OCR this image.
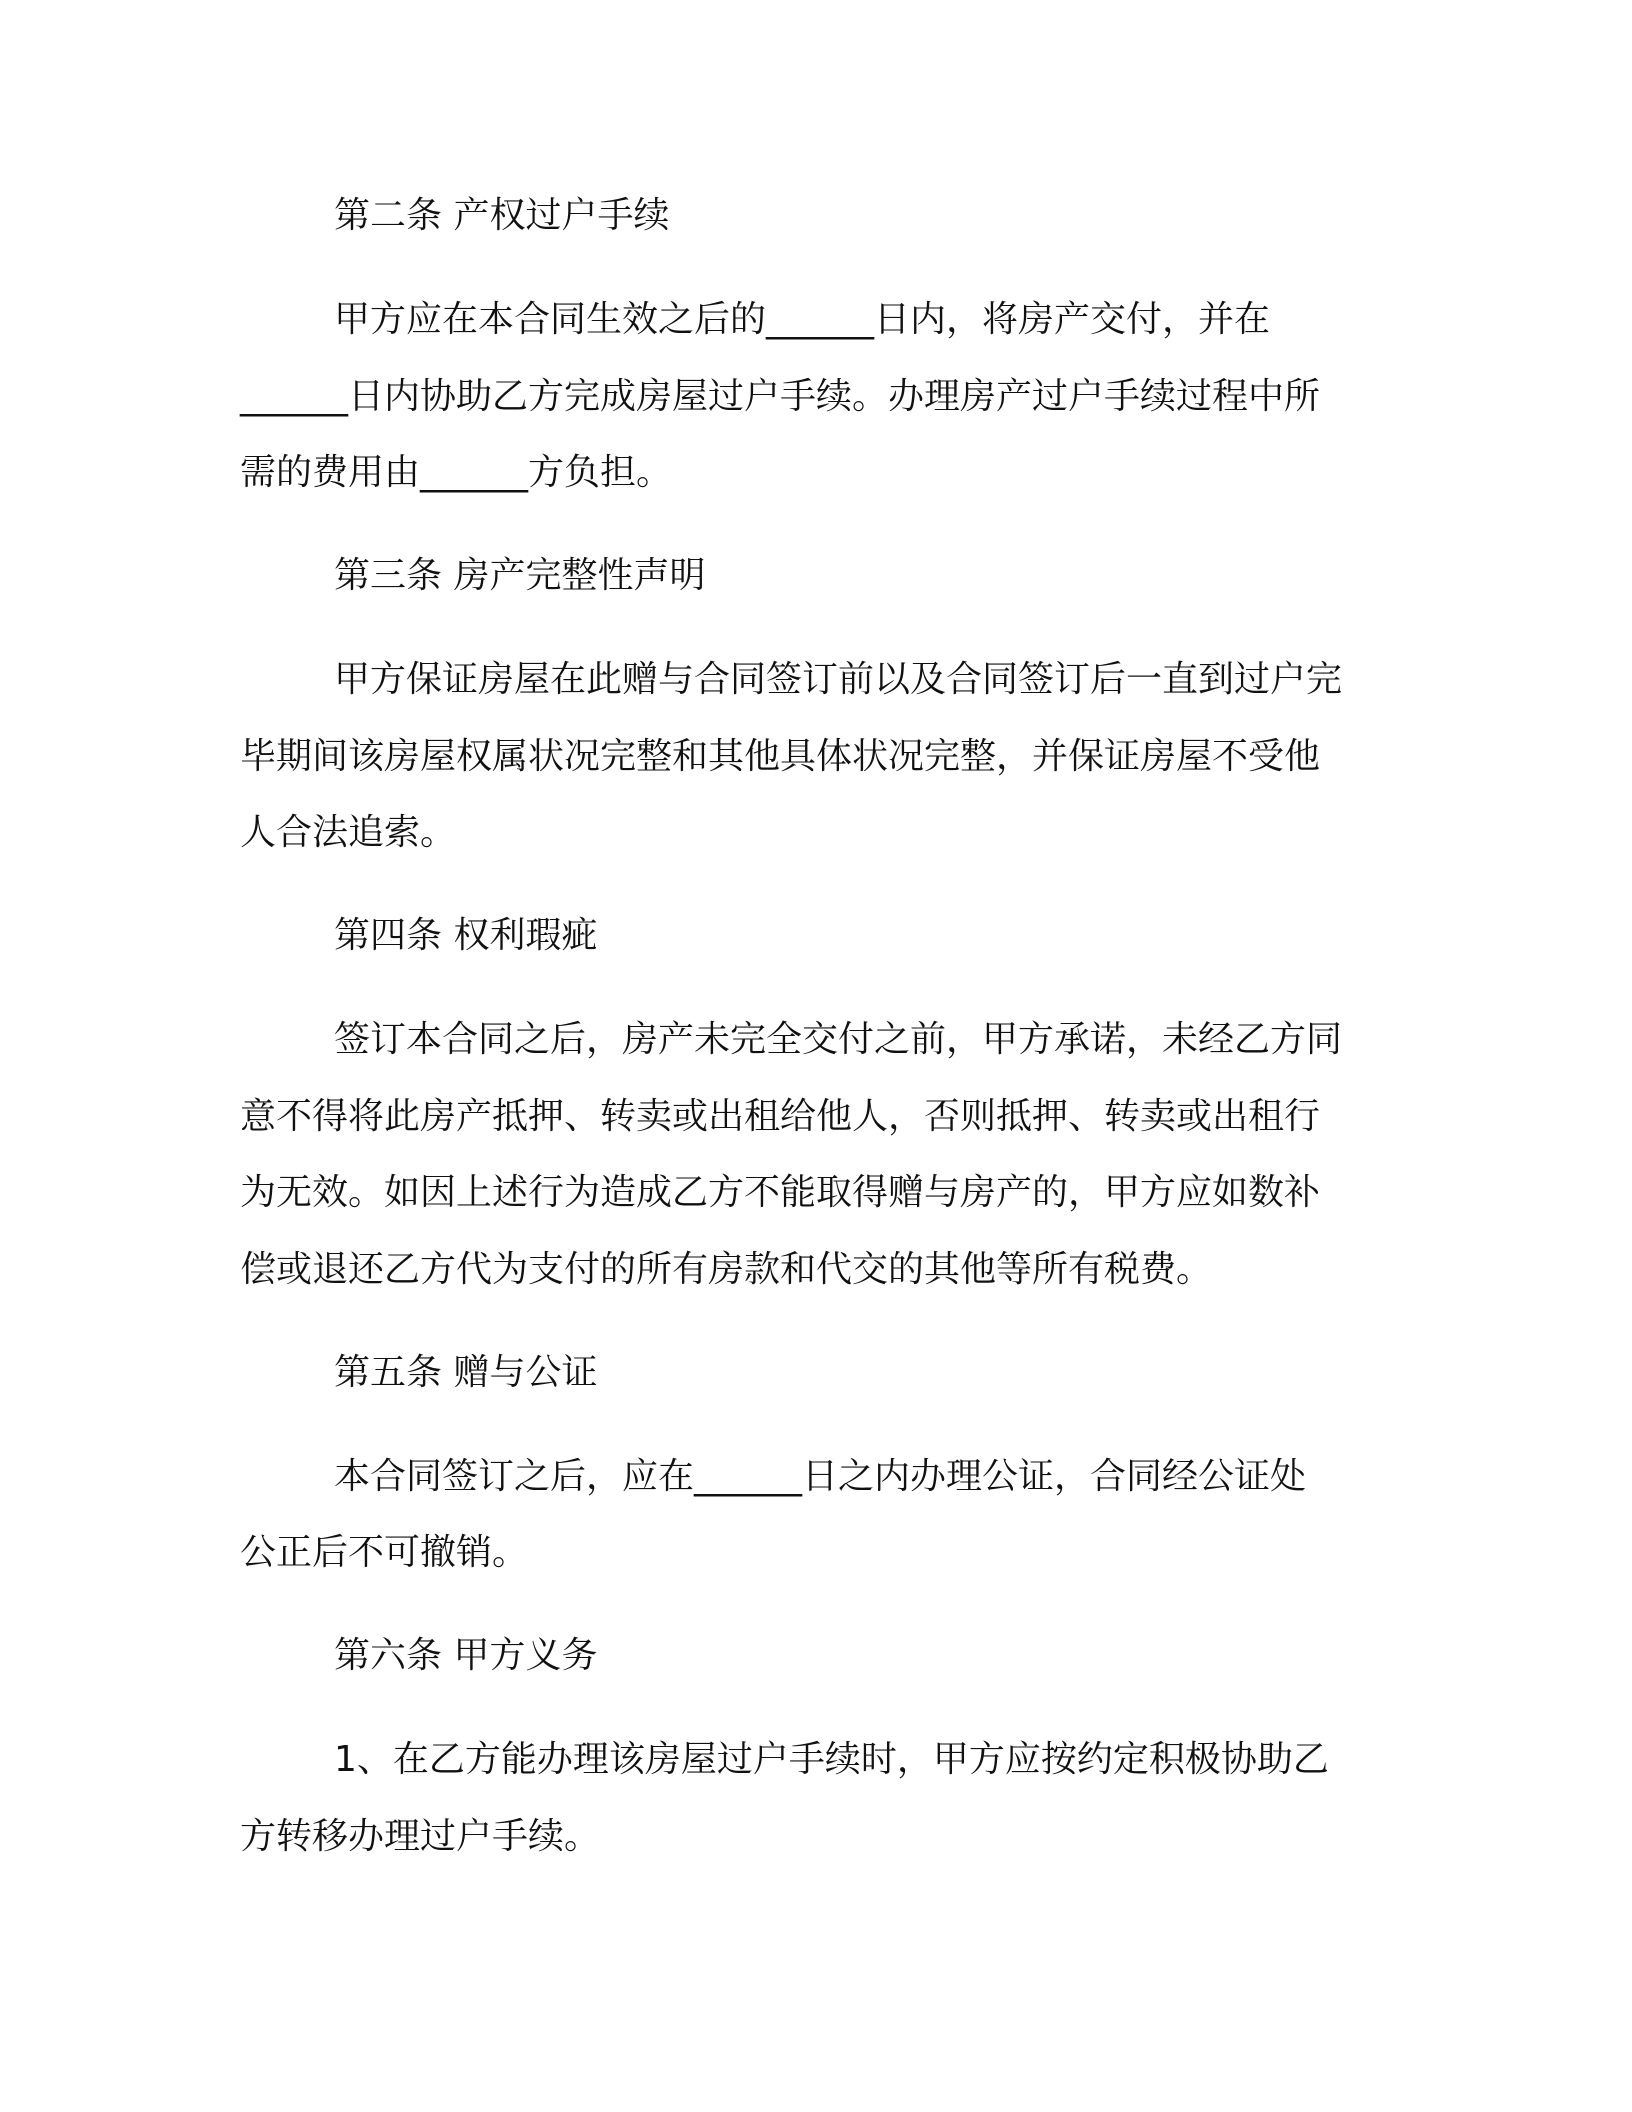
第二条 产权过户手续

甲方应在本合同生效之后的______日内，将房产交付，并在

______日内协助乙方完成房屋过户手续。办理房产过户手续过程中所

需的费用由______方负担。

第三条 房产完整性声明

甲方保证房屋在此赠与合同签订前以及合同签订后一直到过户完

毕期间该房屋权属状况完整和其他具体状况完整，并保证房屋不受他

人合法追索。

第四条 权利瑕疵

签订本合同之后，房产未完全交付之前，甲方承诺，未经乙方同

意不得将此房产抵押、转卖或出租给他人，否则抵押、转卖或出租行

为无效。如因上述行为造成乙方不能取得赠与房产的，甲方应如数补

偿或退还乙方代为支付的所有房款和代交的其他等所有税费。

第五条 赠与公证

本合同签订之后，应在______日之内办理公证，合同经公证处

公正后不可撤销。

第六条 甲方义务

1、在乙方能办理该房屋过户手续时，甲方应按约定积极协助乙

方转移办理过户手续。
